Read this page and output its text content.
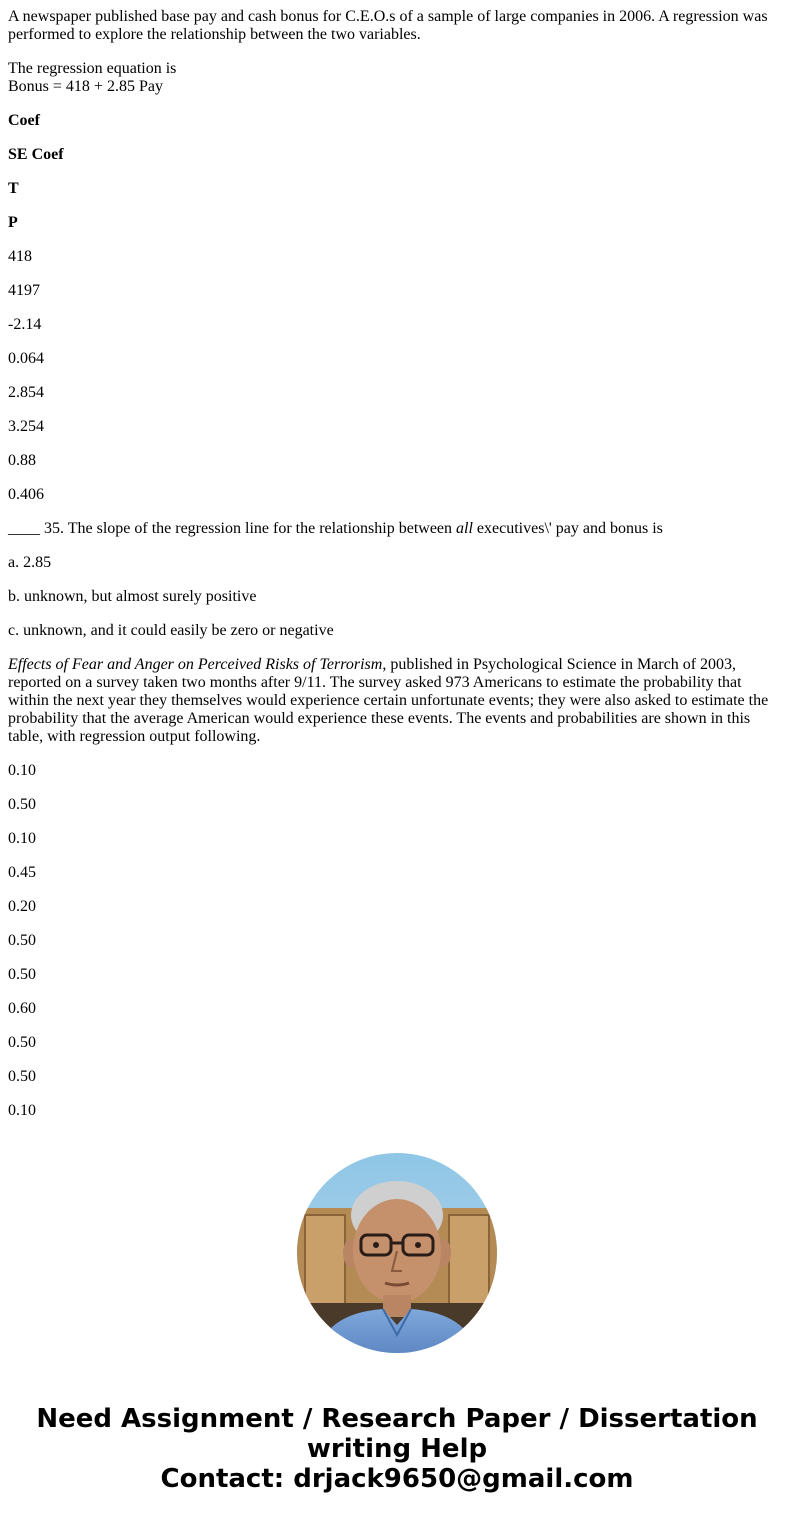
A newspaper published base pay and cash bonus for C.E.O.s of a sample of large companies in 2006. A regression was performed to explore the relationship between the two variables.

The regression equation is
Bonus = 418 + 2.85 Pay

Coef

SE Coef

T

P

418

4197

-2.14

0.064

2.854

3.254

0.88

0.406

____ 35. The slope of the regression line for the relationship between all executives\' pay and bonus is

a. 2.85

b. unknown, but almost surely positive

c. unknown, and it could easily be zero or negative

Effects of Fear and Anger on Perceived Risks of Terrorism, published in Psychological Science in March of 2003, reported on a survey taken two months after 9/11. The survey asked 973 Americans to estimate the probability that within the next year they themselves would experience certain unfortunate events; they were also asked to estimate the probability that the average American would experience these events. The events and probabilities are shown in this table, with regression output following.

0.10

0.50

0.10

0.45

0.20

0.50

0.50

0.60

0.50

0.50

0.10

Need Assignment / Research Paper / Dissertation
writing Help
Contact: drjack9650@gmail.com
